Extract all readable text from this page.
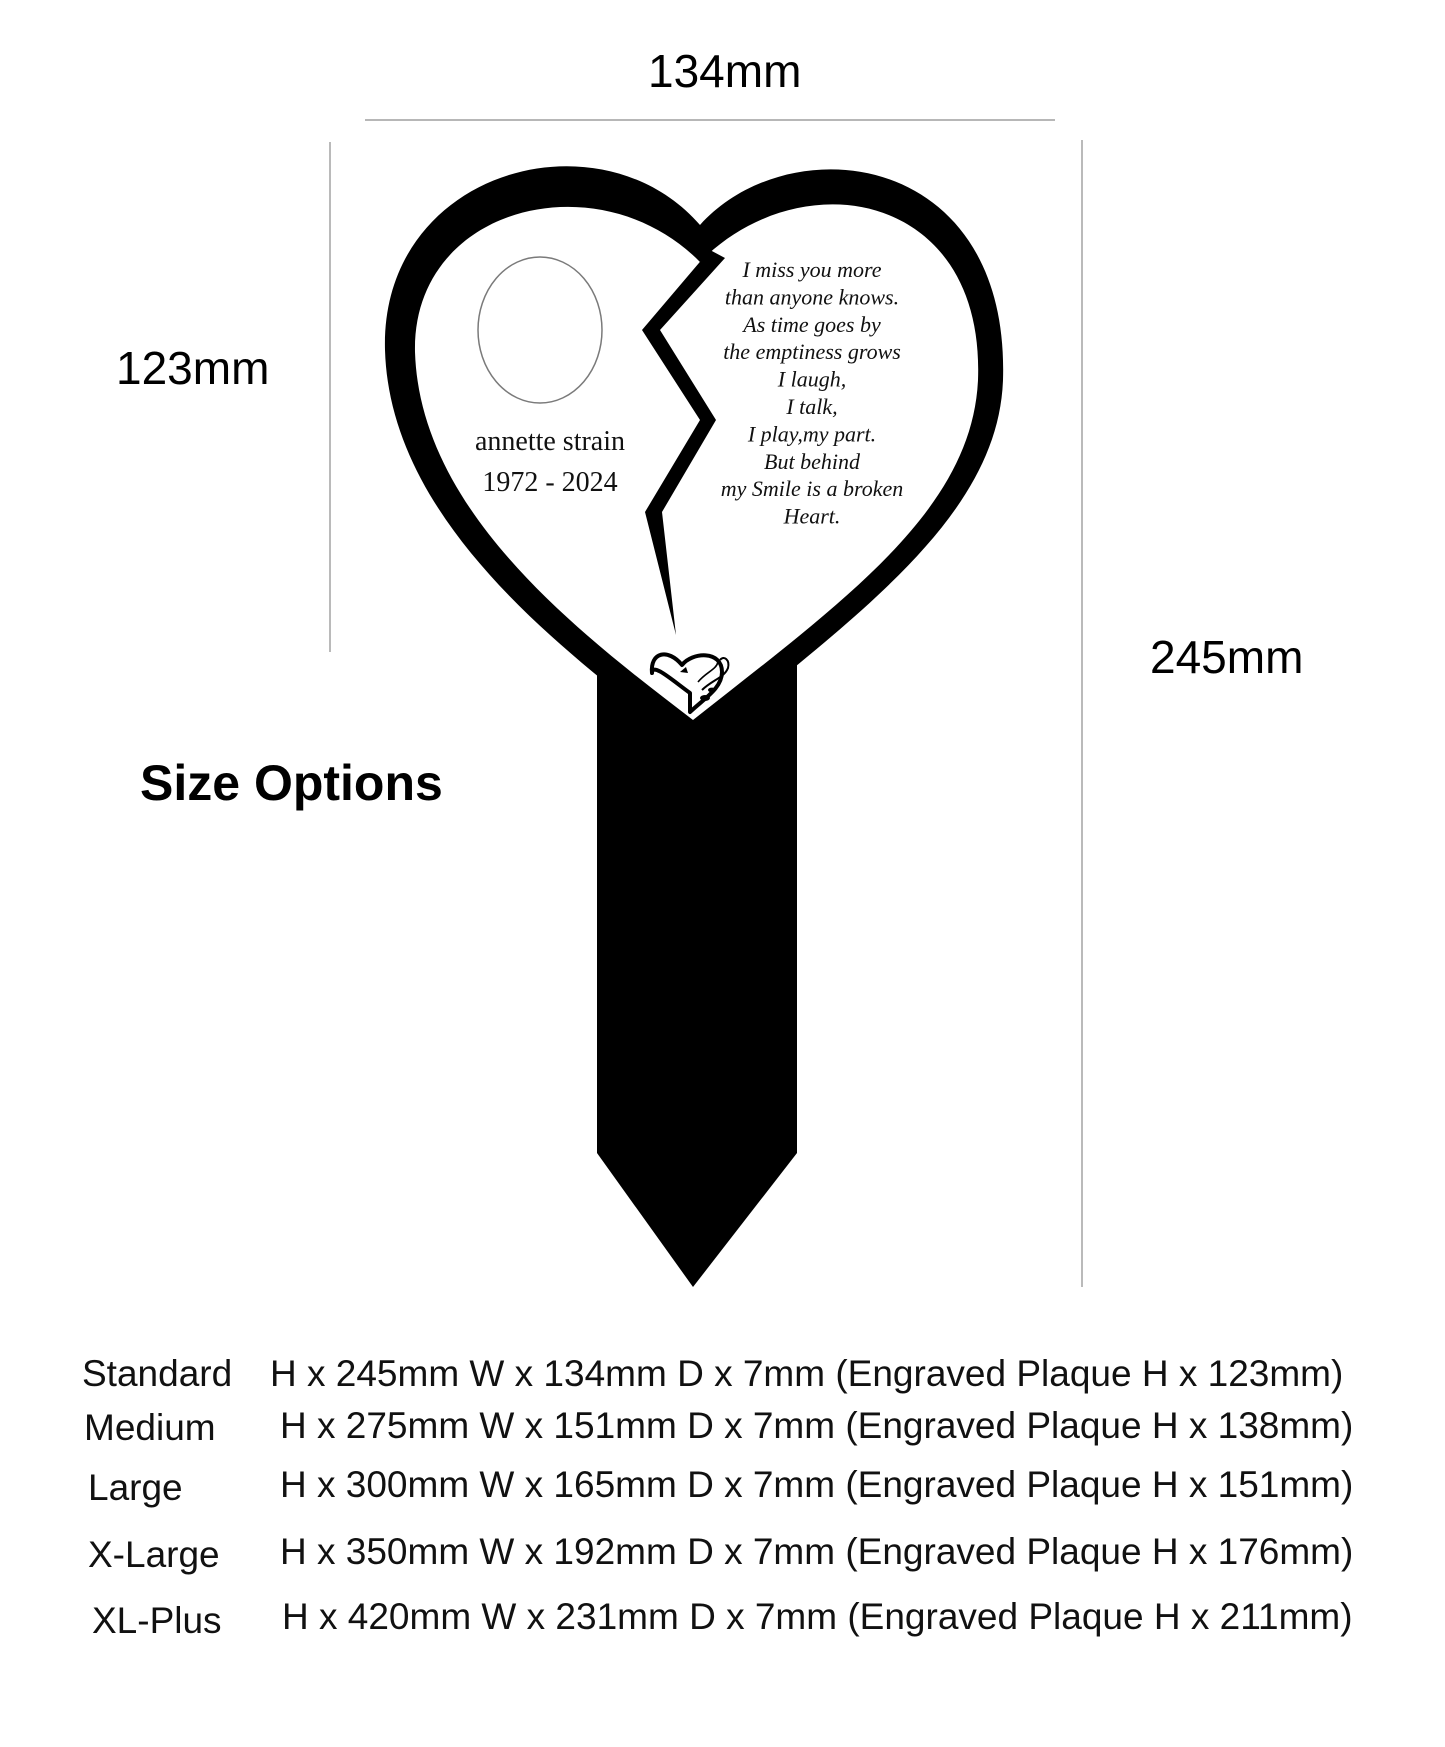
134mm
123mm
245mm
annette strain
1972 - 2024
I miss you more
than anyone knows.
As time goes by
the emptiness grows
I laugh,
I talk,
I play,my part.
But behind
my Smile is a broken
Heart.
Size Options
Standard H x 245mm W x 134mm D x 7mm (Engraved Plaque H x 123mm)
Medium H x 275mm W x 151mm D x 7mm (Engraved Plaque H x 138mm)
Large	H x 300mm W x 165mm D x 7mm (Engraved Plaque H x 151mm)
X-Large H x 350mm W x 192mm D x 7mm (Engraved Plaque H x 176mm)
XL-Plus H x 420mm W x 231mm D x 7mm (Engraved Plaque H x 211mm)
